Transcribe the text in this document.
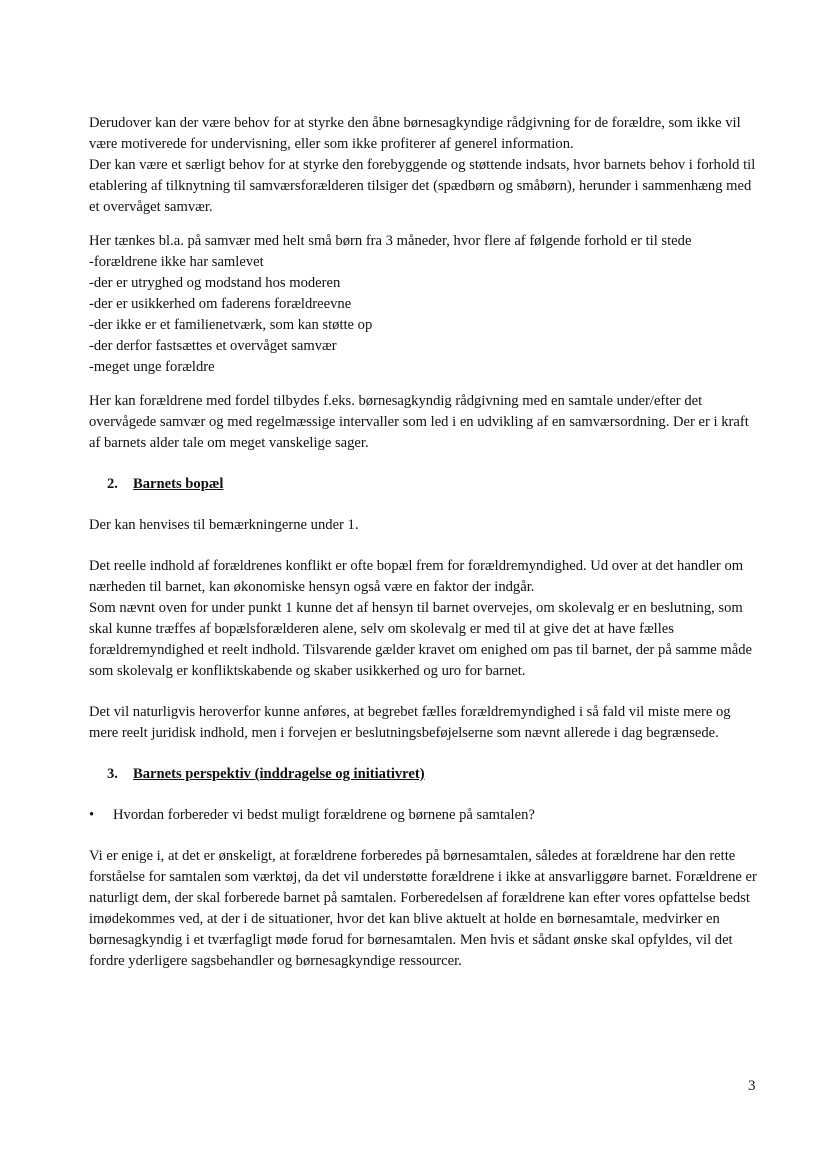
Derudover kan der være behov for at styrke den åbne børnesagkyndige rådgivning for de forældre, som ikke vil være motiverede for undervisning, eller som ikke profiterer af generel information.

Der kan være et særligt behov for at styrke den forebyggende og støttende indsats, hvor barnets behov i forhold til etablering af tilknytning til samværsforælderen tilsiger det (spædbørn og småbørn), herunder i sammenhæng med et overvåget samvær.

Her tænkes bl.a. på samvær med helt små børn fra 3 måneder, hvor flere af følgende forhold er til stede

-forældrene ikke har samlevet

-der er utryghed og modstand hos moderen

-der er usikkerhed om faderens forældreevne

-der ikke er et familienetværk, som kan støtte op

-der derfor fastsættes et overvåget samvær

-meget unge forældre

Her kan forældrene med fordel tilbydes f.eks. børnesagkyndig rådgivning med en samtale under/efter det overvågede samvær og med regelmæssige intervaller som led i en udvikling af en samværsordning. Der er i kraft af barnets alder tale om meget vanskelige sager.

2. Barnets bopæl

Der kan henvises til bemærkningerne under 1.

Det reelle indhold af forældrenes konflikt er ofte bopæl frem for forældremyndighed. Ud over at det handler om nærheden til barnet, kan økonomiske hensyn også være en faktor der indgår.

Som nævnt oven for under punkt 1 kunne det af hensyn til barnet overvejes, om skolevalg er en beslutning, som skal kunne træffes af bopælsforælderen alene, selv om skolevalg er med til at give det at have fælles forældremyndighed et reelt indhold. Tilsvarende gælder kravet om enighed om pas til barnet, der på samme måde som skolevalg er konfliktskabende og skaber usikkerhed og uro for barnet.

Det vil naturligvis heroverfor kunne anføres, at begrebet fælles forældremyndighed i så fald vil miste mere og mere reelt juridisk indhold, men i forvejen er beslutningsbeføjelserne som nævnt allerede i dag begrænsede.

3. Barnets perspektiv (inddragelse og initiativret)

• Hvordan forbereder vi bedst muligt forældrene og børnene på samtalen?

Vi er enige i, at det er ønskeligt, at forældrene forberedes på børnesamtalen, således at forældrene har den rette forståelse for samtalen som værktøj, da det vil understøtte forældrene i ikke at ansvarliggøre barnet. Forældrene er naturligt dem, der skal forberede barnet på samtalen. Forberedelsen af forældrene kan efter vores opfattelse bedst imødekommes ved, at der i de situationer, hvor det kan blive aktuelt at holde en børnesamtale, medvirker en børnesagkyndig i et tværfagligt møde forud for børnesamtalen. Men hvis et sådant ønske skal opfyldes, vil det fordre yderligere sagsbehandler og børnesagkyndige ressourcer.

3
